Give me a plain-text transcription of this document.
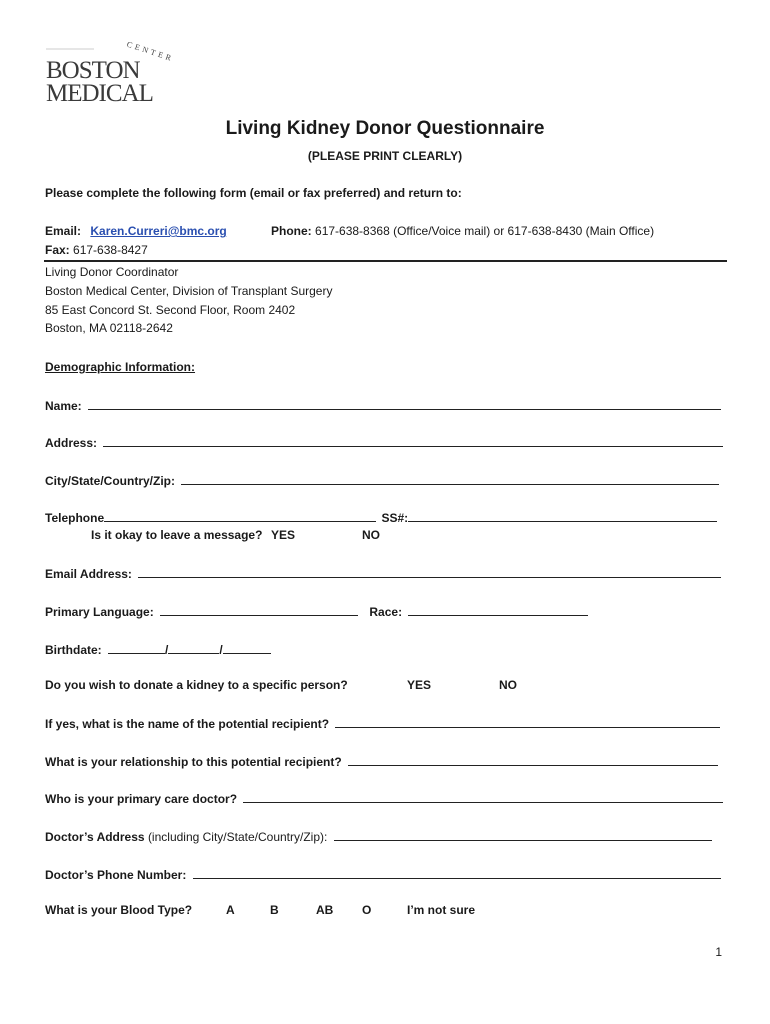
CENTER
BOSTON
MEDICAL
Living Kidney Donor Questionnaire
(PLEASE PRINT CLEARLY)
Please complete the following form (email or fax preferred) and return to:
Email: Karen.Curreri@bmc.org	Phone: 617-638-8368 (Office/Voice mail) or 617-638-8430 (Main Office)
Fax: 617-638-8427
Living Donor Coordinator
Boston Medical Center, Division of Transplant Surgery
85 East Concord St. Second Floor, Room 2402
Boston, MA 02118-2642
Demographic Information:
Name:
Address:
City/State/Country/Zip:
Telephone	SS#:
Is it okay to leave a message? YES	NO
Email Address:
Primary Language:	Race:
Birthdate:	/	/
Do you wish to donate a kidney to a specific person?	YES	NO
If yes, what is the name of the potential recipient?
What is your relationship to this potential recipient?
Who is your primary care doctor?
Doctor’s Address (including City/State/Country/Zip):
Doctor’s Phone Number:
What is your Blood Type?	A	B	AB O	I’m not sure
1
